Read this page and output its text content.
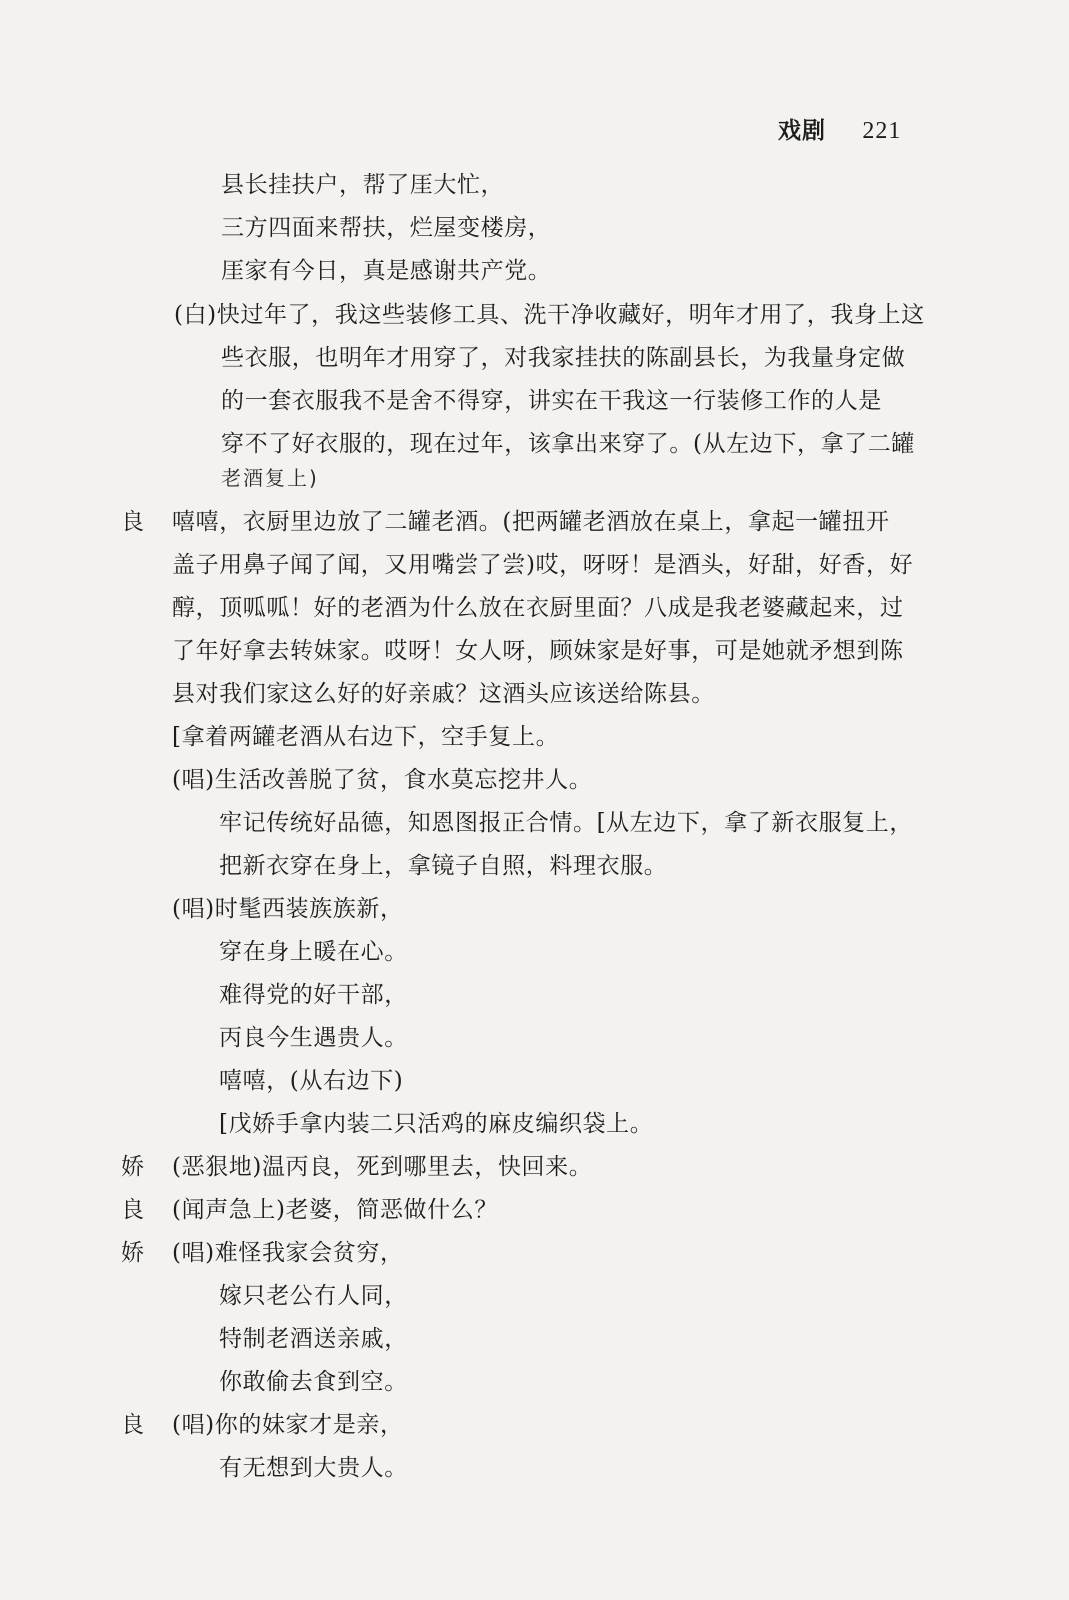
戏剧 221
县长挂扶户，帮了厓大忙，
三方四面来帮扶，烂屋变楼房，
厓家有今日，真是感谢共产党。
(白)快过年了，我这些装修工具、洗干净收藏好，明年才用了，我身上这
些衣服，也明年才用穿了，对我家挂扶的陈副县长，为我量身定做
的一套衣服我不是舍不得穿，讲实在干我这一行装修工作的人是
穿不了好衣服的，现在过年，该拿出来穿了。(从左边下，拿了二罐
老酒复上)
良 嘻嘻，衣厨里边放了二罐老酒。(把两罐老酒放在桌上，拿起一罐扭开
盖子用鼻子闻了闻，又用嘴尝了尝)哎，呀呀！是酒头，好甜，好香，好
醇，顶呱呱！好的老酒为什么放在衣厨里面？八成是我老婆藏起来，过
了年好拿去转妹家。哎呀！女人呀，顾妹家是好事，可是她就矛想到陈
县对我们家这么好的好亲戚？这酒头应该送给陈县。
[拿着两罐老酒从右边下，空手复上。
(唱)生活改善脱了贫，食水莫忘挖井人。
牢记传统好品德，知恩图报正合情。[从左边下，拿了新衣服复上，
把新衣穿在身上，拿镜子自照，料理衣服。
(唱)时髦西装族族新，
穿在身上暖在心。
难得党的好干部，
丙良今生遇贵人。
嘻嘻，(从右边下)
[戊娇手拿内装二只活鸡的麻皮编织袋上。
娇 (恶狠地)温丙良，死到哪里去，快回来。
良 (闻声急上)老婆，简恶做什么？
娇 (唱)难怪我家会贫穷，
嫁只老公冇人同，
特制老酒送亲戚，
你敢偷去食到空。
良 (唱)你的妹家才是亲，
有无想到大贵人。
